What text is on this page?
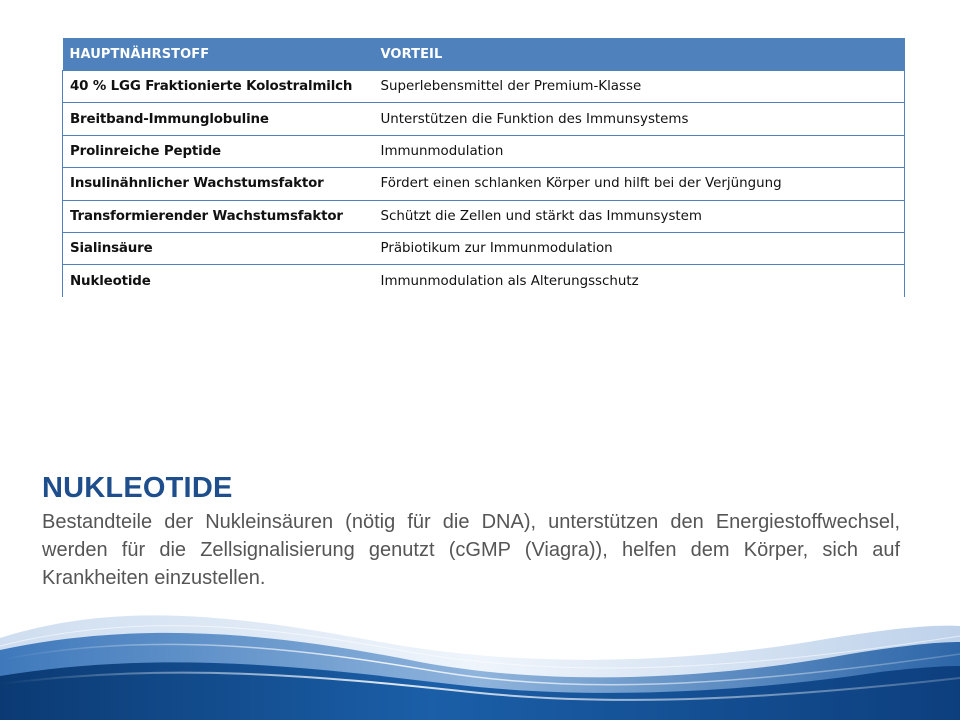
HAUPTNÄHRSTOFF	VORTEIL
40 % LGG Fraktionierte Kolostralmilch	Superlebensmittel der Premium-Klasse
Breitband-Immunglobuline	Unterstützen die Funktion des Immunsystems
Prolinreiche Peptide	Immunmodulation
Insulinähnlicher Wachstumsfaktor	Fördert einen schlanken Körper und hilft bei der Verjüngung
Transformierender Wachstumsfaktor	Schützt die Zellen und stärkt das Immunsystem
Sialinsäure	Präbiotikum zur Immunmodulation
Nukleotide	Immunmodulation als Alterungsschutz
NUKLEOTIDE

Bestandteile der Nukleinsäuren (nötig für die DNA), unterstützen den Energiestoffwechsel, werden für die Zellsignalisierung genutzt (cGMP (Viagra)), helfen dem Körper, sich auf Krankheiten einzustellen.
